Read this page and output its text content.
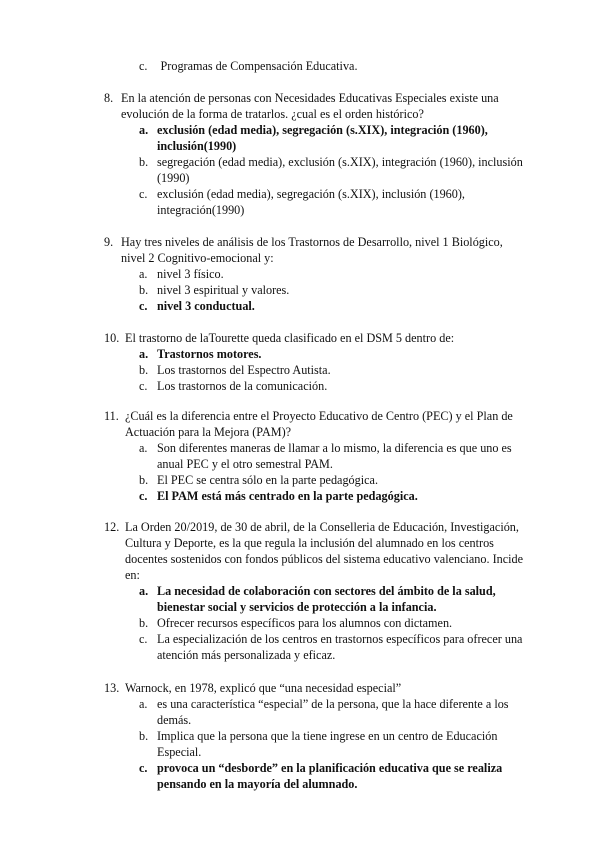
c. Programas de Compensación Educativa.
8. En la atención de personas con Necesidades Educativas Especiales existe una evolución de la forma de tratarlos. ¿cual es el orden histórico?
a. exclusión (edad media), segregación (s.XIX), integración (1960), inclusión(1990)
b. segregación (edad media), exclusión (s.XIX), integración (1960), inclusión (1990)
c. exclusión (edad media), segregación (s.XIX), inclusión (1960), integración(1990)
9. Hay tres niveles de análisis de los Trastornos de Desarrollo, nivel 1 Biológico, nivel 2 Cognitivo-emocional y:
a. nivel 3 físico.
b. nivel 3 espiritual y valores.
c. nivel 3 conductual.
10. El trastorno de laTourette queda clasificado en el DSM 5 dentro de:
a. Trastornos motores.
b. Los trastornos del Espectro Autista.
c. Los trastornos de la comunicación.
11. ¿Cuál es la diferencia entre el Proyecto Educativo de Centro (PEC) y el Plan de Actuación para la Mejora (PAM)?
a. Son diferentes maneras de llamar a lo mismo, la diferencia es que uno es anual PEC y el otro semestral PAM.
b. El PEC se centra sólo en la parte pedagógica.
c. El PAM está más centrado en la parte pedagógica.
12. La Orden 20/2019, de 30 de abril, de la Conselleria de Educación, Investigación, Cultura y Deporte, es la que regula la inclusión del alumnado en los centros docentes sostenidos con fondos públicos del sistema educativo valenciano. Incide en:
a. La necesidad de colaboración con sectores del ámbito de la salud, bienestar social y servicios de protección a la infancia.
b. Ofrecer recursos específicos para los alumnos con dictamen.
c. La especialización de los centros en trastornos específicos para ofrecer una atención más personalizada y eficaz.
13. Warnock, en 1978, explicó que “una necesidad especial”
a. es una característica “especial” de la persona, que la hace diferente a los demás.
b. Implica que la persona que la tiene ingrese en un centro de Educación Especial.
c. provoca un “desborde” en la planificación educativa que se realiza pensando en la mayoría del alumnado.
